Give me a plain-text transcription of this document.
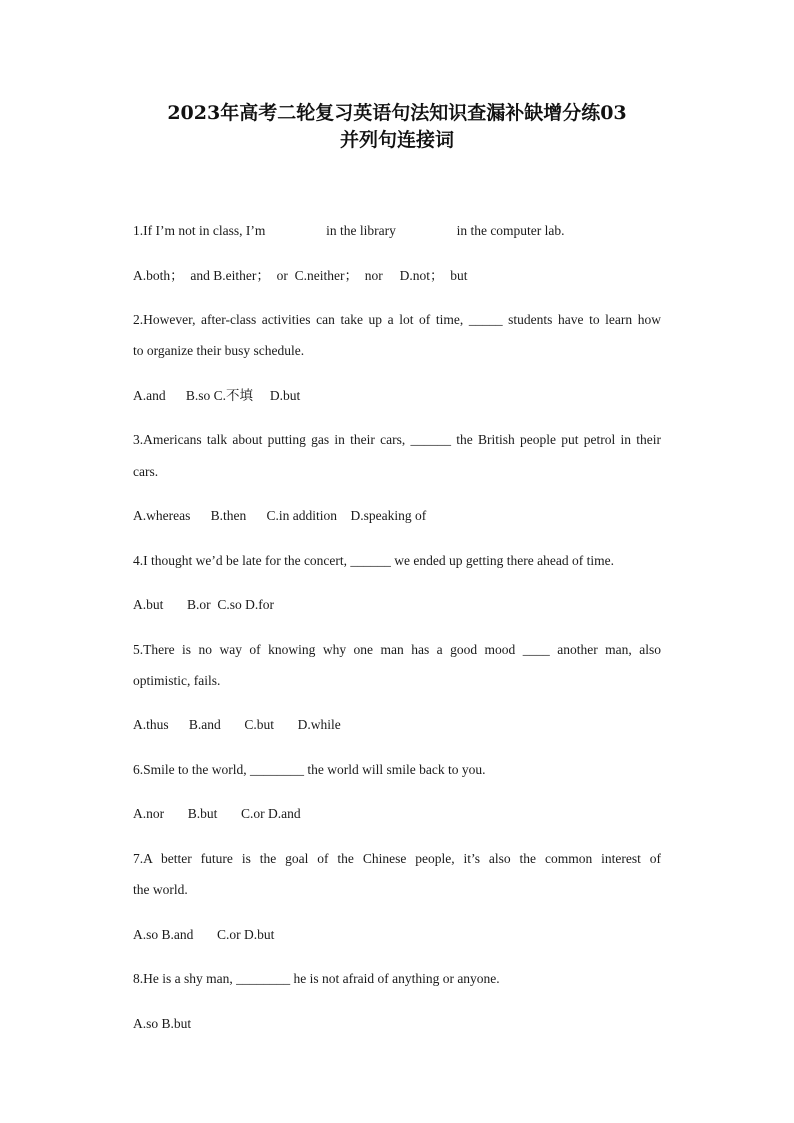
2023年高考二轮复习英语句法知识查漏补缺增分练03
并列句连接词
1.If I’m not in class, I’m                  in the library                  in the computer lab.
A.both；  and B.either；  or  C.neither；  nor     D.not；  but
2.However, after-class activities can take up a lot of time, _____ students have to learn how
to organize their busy schedule.
A.and      B.so C.不填     D.but
3.Americans talk about putting gas in their cars, ______ the British people put petrol in their
cars.
A.whereas      B.then      C.in addition    D.speaking of
4.I thought we’d be late for the concert, ______ we ended up getting there ahead of time.
A.but       B.or  C.so D.for
5.There is no way of knowing why one man has a good mood ____ another man, also
optimistic, fails.
A.thus      B.and       C.but       D.while
6.Smile to the world, ________ the world will smile back to you.
A.nor       B.but       C.or D.and
7.A better future is the goal of the Chinese people, it’s also the common interest of
the world.
A.so B.and       C.or D.but
8.He is a shy man, ________ he is not afraid of anything or anyone.
A.so B.but
